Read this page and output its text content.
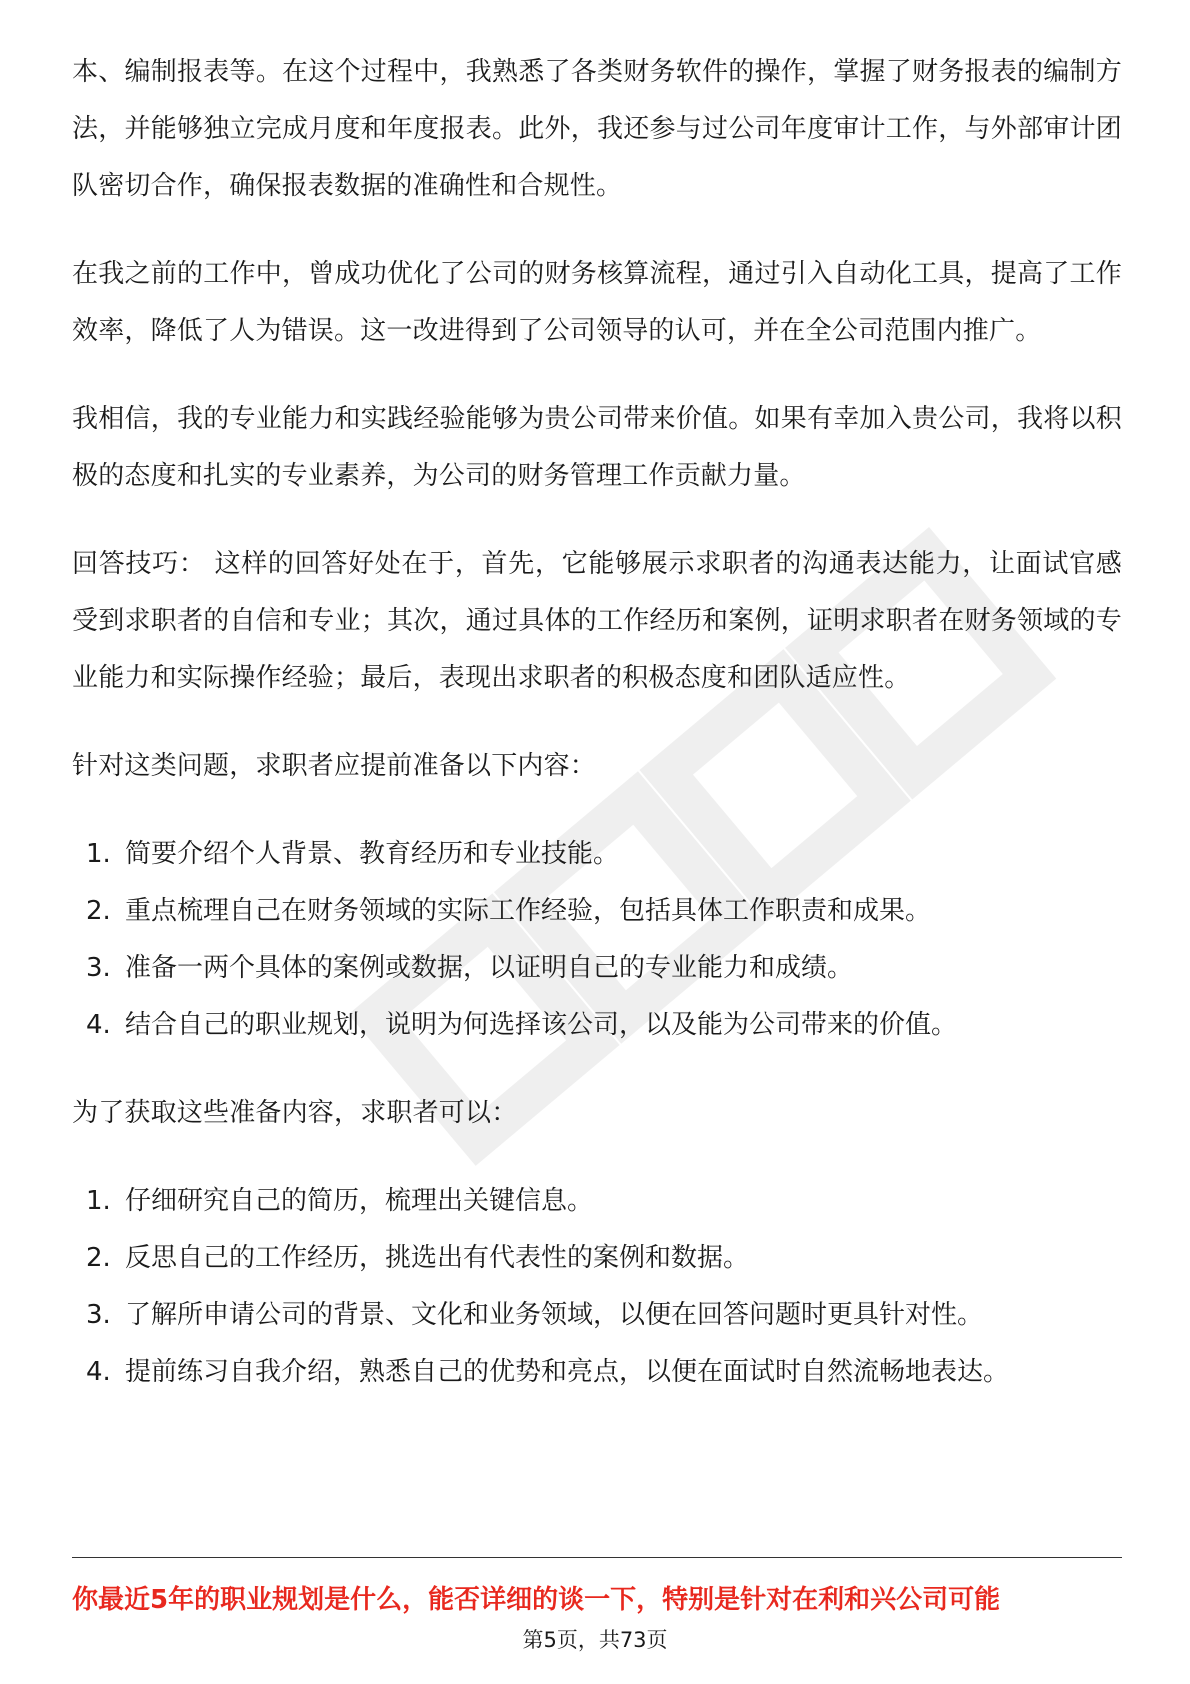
本、编制报表等。在这个过程中，我熟悉了各类财务软件的操作，掌握了财务报表的编制方法，并能够独立完成月度和年度报表。此外，我还参与过公司年度审计工作，与外部审计团队密切合作，确保报表数据的准确性和合规性。

在我之前的工作中，曾成功优化了公司的财务核算流程，通过引入自动化工具，提高了工作效率，降低了人为错误。这一改进得到了公司领导的认可，并在全公司范围内推广。

我相信，我的专业能力和实践经验能够为贵公司带来价值。如果有幸加入贵公司，我将以积极的态度和扎实的专业素养，为公司的财务管理工作贡献力量。

回答技巧： 这样的回答好处在于，首先，它能够展示求职者的沟通表达能力，让面试官感受到求职者的自信和专业；其次，通过具体的工作经历和案例，证明求职者在财务领域的专业能力和实际操作经验；最后，表现出求职者的积极态度和团队适应性。

针对这类问题，求职者应提前准备以下内容：

1. 简要介绍个人背景、教育经历和专业技能。
2. 重点梳理自己在财务领域的实际工作经验，包括具体工作职责和成果。
3. 准备一两个具体的案例或数据，以证明自己的专业能力和成绩。
4. 结合自己的职业规划，说明为何选择该公司，以及能为公司带来的价值。

为了获取这些准备内容，求职者可以：

1. 仔细研究自己的简历，梳理出关键信息。
2. 反思自己的工作经历，挑选出有代表性的案例和数据。
3. 了解所申请公司的背景、文化和业务领域，以便在回答问题时更具针对性。
4. 提前练习自我介绍，熟悉自己的优势和亮点，以便在面试时自然流畅地表达。
你最近5年的职业规划是什么，能否详细的谈一下，特别是针对在利和兴公司可能
第5页，共73页
